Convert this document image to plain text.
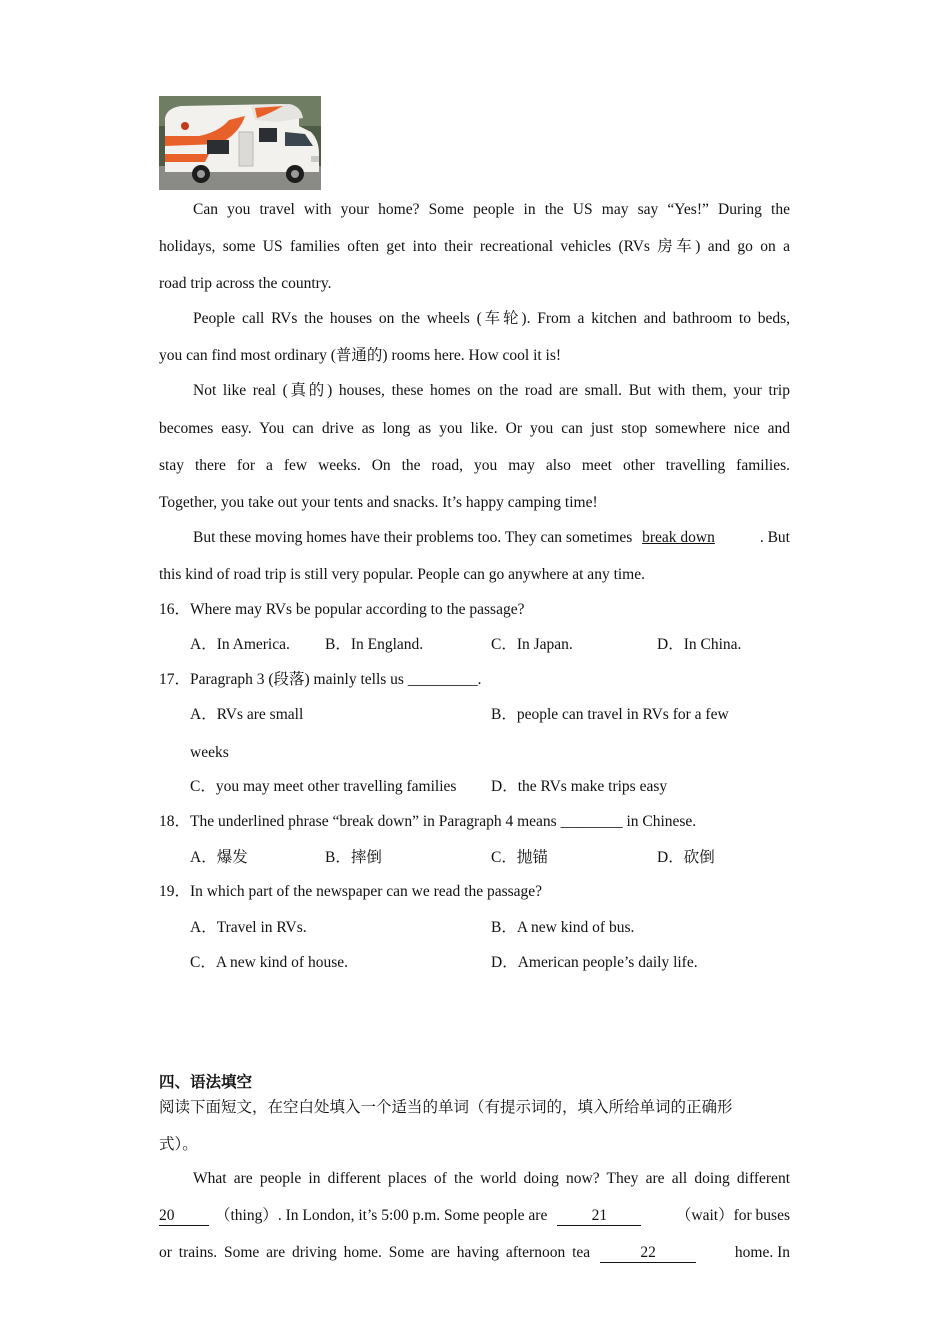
Can you travel with your home? Some people in the US may say “Yes!” During the
holidays, some US families often get into their recreational vehicles (RVs 房车) and go on a
road trip across the country.
People call RVs the houses on the wheels (车轮). From a kitchen and bathroom to beds,
you can find most ordinary (普通的) rooms here. How cool it is!
Not like real (真的) houses, these homes on the road are small. But with them, your trip
becomes easy. You can drive as long as you like. Or you can just stop somewhere nice and
stay there for a few weeks. On the road, you may also meet other travelling families.
Together, you take out your tents and snacks. It’s happy camping time!
But these moving homes have their problems too. They can sometimes break down	. But
this kind of road trip is still very popular. People can go anywhere at any time.
16．Where may RVs be popular according to the passage?
A．In America. B．In England.	C．In Japan.	D．In China.
17．Paragraph 3 (段落) mainly tells us _________.
A．RVs are small	B．people can travel in RVs for a few
weeks
C．you may meet other travelling families D．the RVs make trips easy
18．The underlined phrase “break down” in Paragraph 4 means ________ in Chinese.
A．爆发	B．摔倒	C．抛锚	D．砍倒
19．In which part of the newspaper can we read the passage?
A．Travel in RVs.	B．A new kind of bus.
C．A new kind of house.	D．American people’s daily life.
四、语法填空
阅读下面短文，在空白处填入一个适当的单词（有提示词的，填入所给单词的正确形
式）。
What are people in different places of the world doing now? They are all doing different
20	（thing）. In London, it’s 5:00 p.m. Some people are	21	（wait）for buses
or trains. Some are driving home. Some are having afternoon tea	22	home. In
